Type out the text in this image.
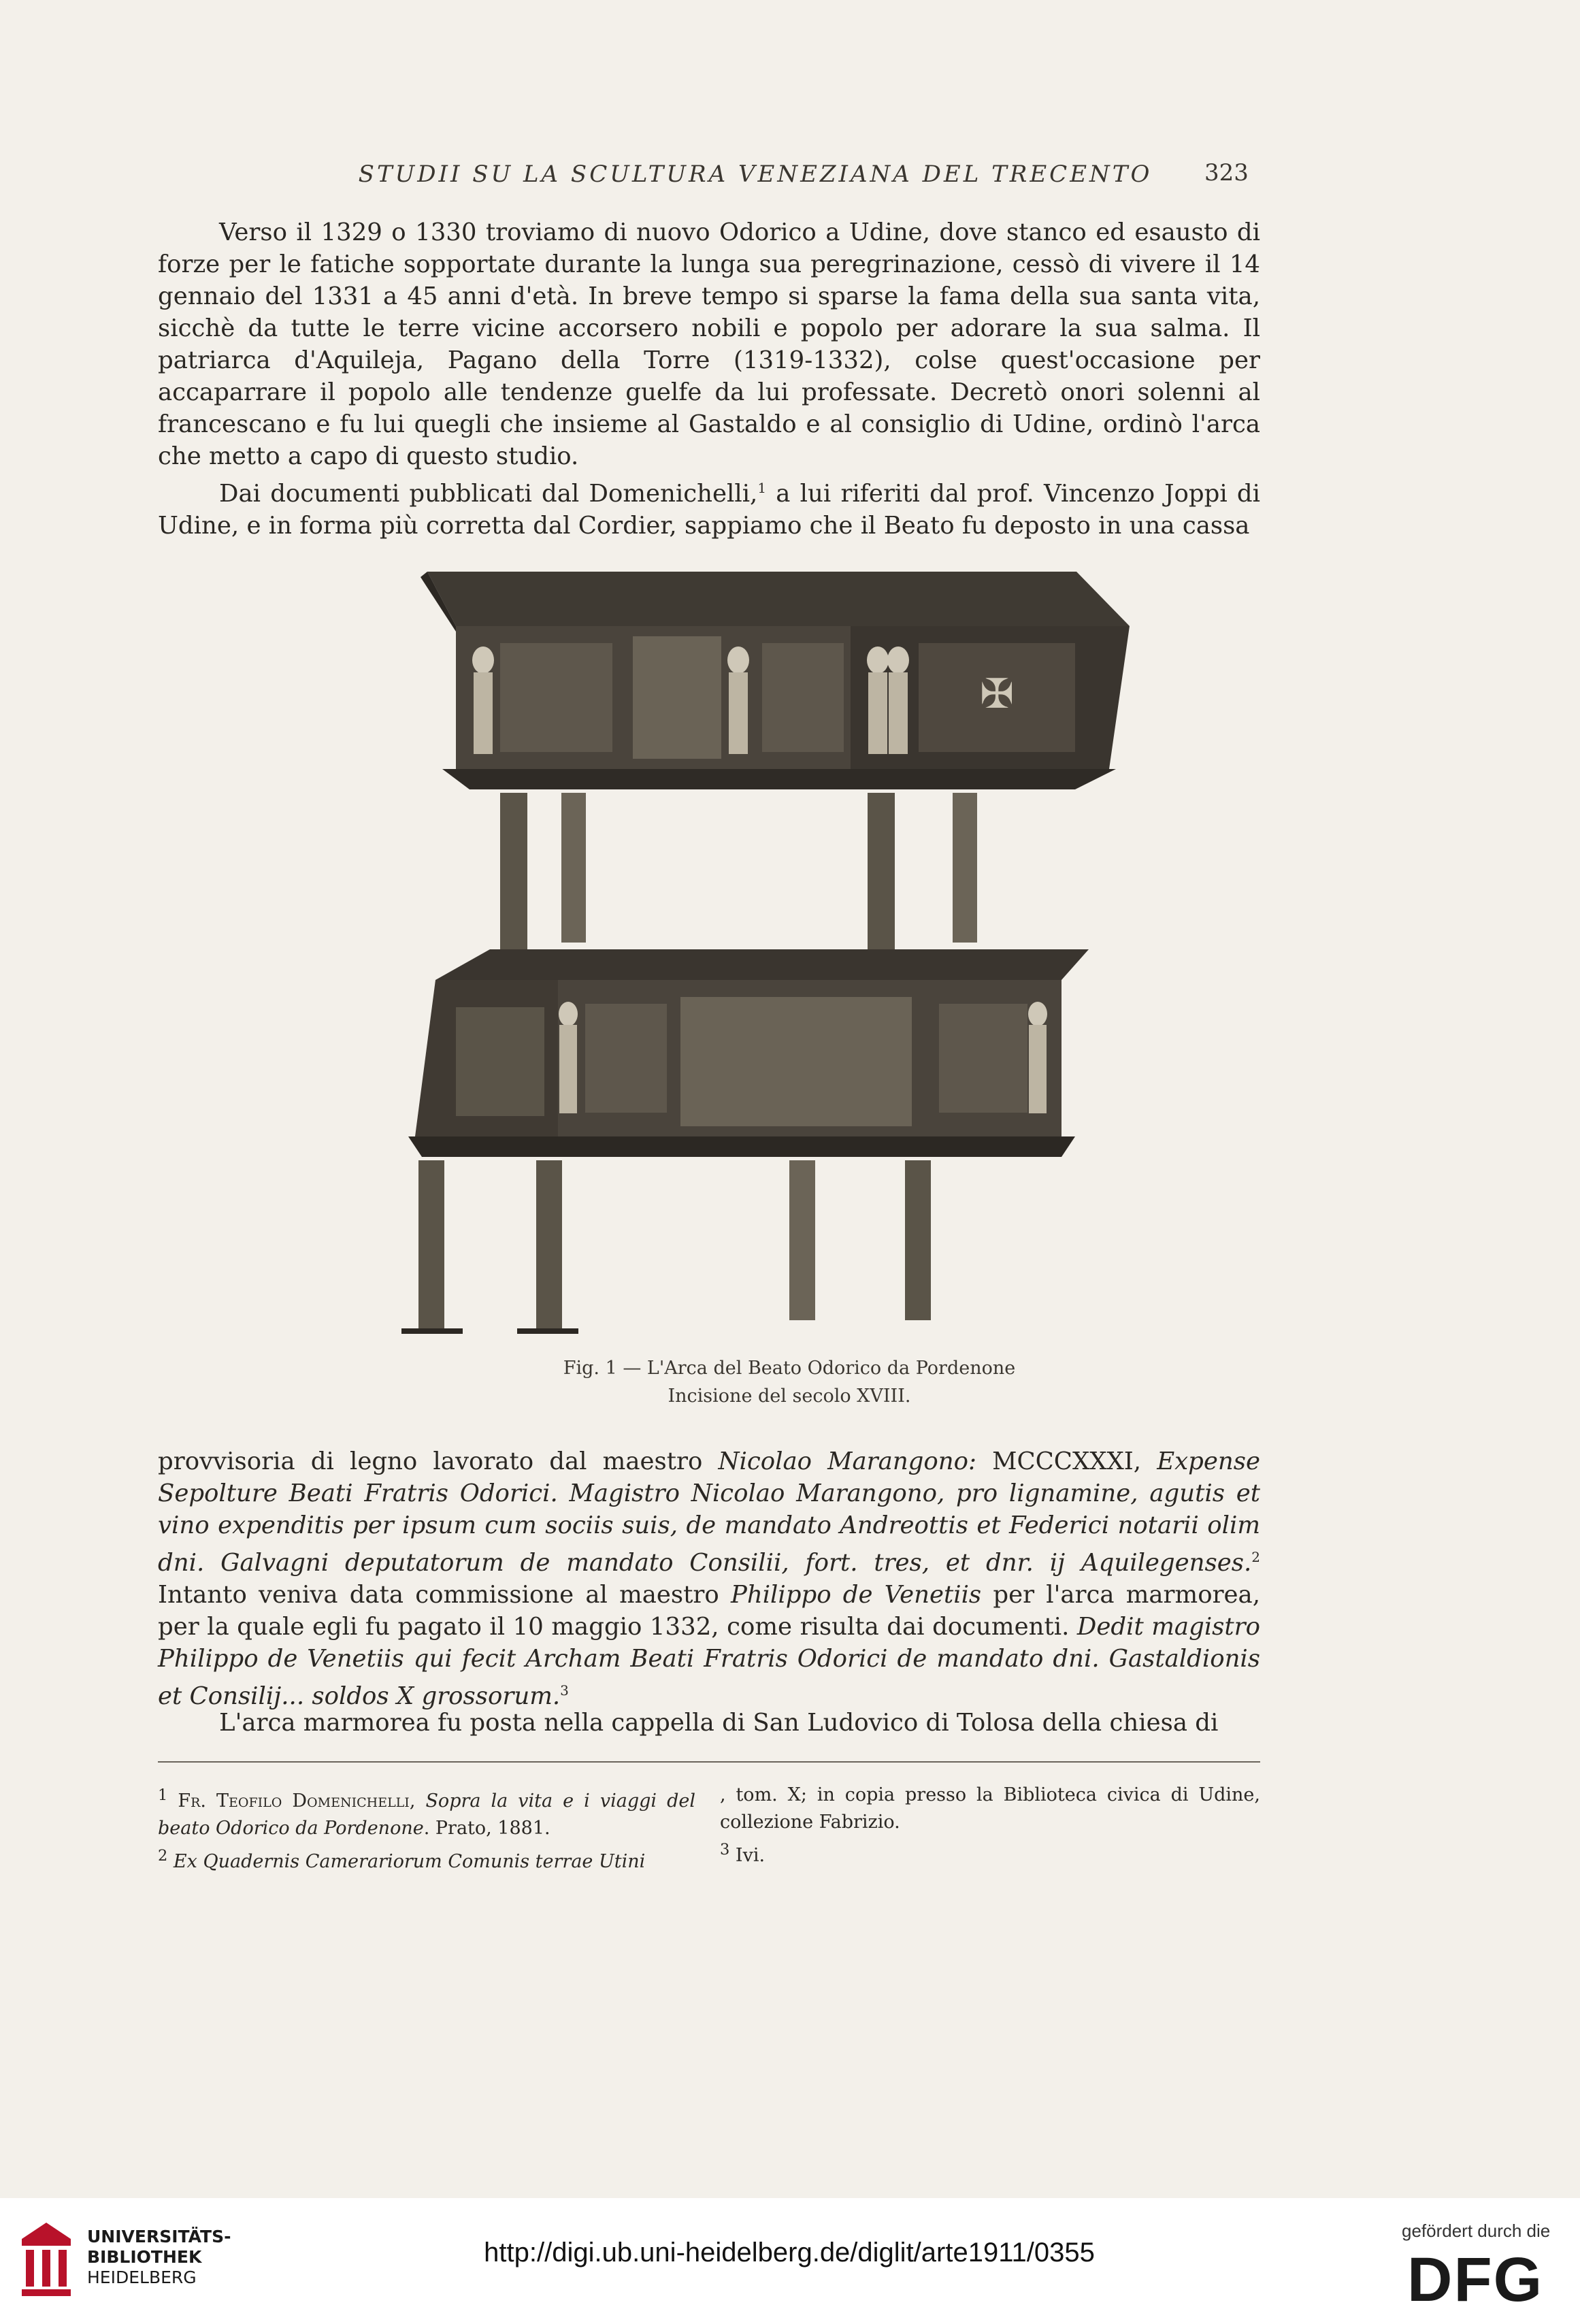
STUDII SU LA SCULTURA VENEZIANA DEL TRECENTO	323

Verso il 1329 o 1330 troviamo di nuovo Odorico a Udine, dove stanco ed esausto di forze per le fatiche sopportate durante la lunga sua peregrinazione, cessò di vivere il 14 gennaio del 1331 a 45 anni d'età. In breve tempo si sparse la fama della sua santa vita, sicchè da tutte le terre vicine accorsero nobili e popolo per adorare la sua salma. Il patriarca d'Aquileja, Pagano della Torre (1319-1332), colse quest'occasione per accaparrare il popolo alle tendenze guelfe da lui professate. Decretò onori solenni al francescano e fu lui quegli che insieme al Gastaldo e al consiglio di Udine, ordinò l'arca che metto a capo di questo studio.

Dai documenti pubblicati dal Domenichelli,$^1$ a lui riferiti dal prof. Vincenzo Joppi di Udine, e in forma più corretta dal Cordier, sappiamo che il Beato fu deposto in una cassa

✠

Fig. 1 — L'Arca del Beato Odorico da Pordenone

Incisione del secolo XVIII.

provvisoria di legno lavorato dal maestro Nicolao Marangono: MCCCXXXI, Expense Sepolture Beati Fratris Odorici. Magistro Nicolao Marangono, pro lignamine, agutis et vino expenditis per ipsum cum sociis suis, de mandato Andreottis et Federici notarii olim dni. Galvagni deputatorum de mandato Consilii, fort. tres, et dnr. ij Aquilegenses.$^2$ Intanto veniva data commissione al maestro Philippo de Venetiis per l'arca marmorea, per la quale egli fu pagato il 10 maggio 1332, come risulta dai documenti. Dedit magistro Philippo de Venetiis qui fecit Archam Beati Fratris Odorici de mandato dni. Gastaldionis et Consilij... soldos X grossorum.$^3$

L'arca marmorea fu posta nella cappella di San Ludovico di Tolosa della chiesa di

$^1$ Fr. Teofilo Domenichelli, Sopra la vita e i viaggi del beato Odorico da Pordenone. Prato, 1881.

$^2$ Ex Quadernis Camerariorum Comunis terrae Utini

, tom. X; in copia presso la Biblioteca civica di Udine, collezione Fabrizio.

$^3$ Ivi.

UNIVERSITÄTS-
BIBLIOTHEK
HEIDELBERG

http://digi.ub.uni-heidelberg.de/diglit/arte1911/0355
gefördert durch die
DFG
